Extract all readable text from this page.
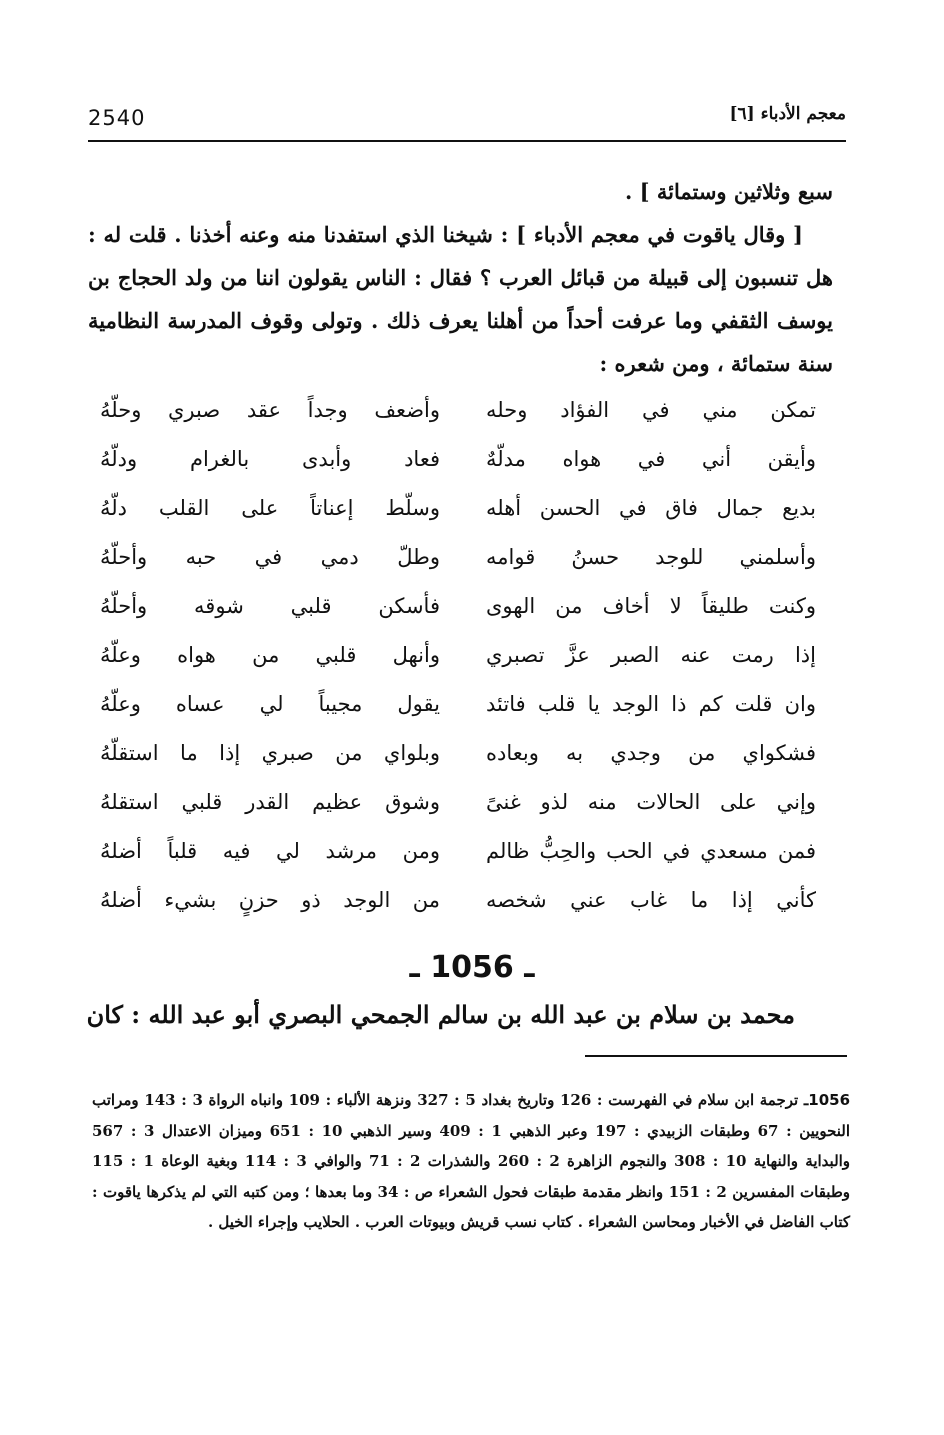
2540	معجم الأدباء [٦]

سبع وثلاثين وستمائة ] .

[ وقال ياقوت في معجم الأدباء ] : شيخنا الذي استفدنا منه وعنه أخذنا . قلت له : هل تنسبون إلى قبيلة من قبائل العرب ؟ فقال : الناس يقولون اننا من ولد الحجاج بن يوسف الثقفي وما عرفت أحداً من أهلنا يعرف ذلك . وتولى وقوف المدرسة النظامية سنة ستمائة ، ومن شعره :

تمكن مني في الفؤاد وحله
وأضعف وجداً عقد صبري وحلّهُ
وأيقن أني في هواه مدلّهٌ
فعاد وأبدى بالغرام ودلّهُ
بديع جمال فاق في الحسن أهله
وسلّط إعناتاً على القلب دلّهُ
وأسلمني للوجد حسنُ قوامه
وطلّ دمي في حبه وأحلّهُ
وكنت طليقاً لا أخاف من الهوى
فأسكن قلبي شوقه وأحلّهُ
إذا رمت عنه الصبر عزَّ تصبري
وأنهل قلبي من هواه وعلّهُ
وان قلت كم ذا الوجد يا قلب فاتئد
يقول مجيباً لي عساه وعلّهُ
فشكواي من وجدي به وبعاده
وبلواي من صبري إذا ما استقلّهُ
وإني على الحالات منه لذو غنىً
وشوق عظيم القدر قلبي استقلهُ
فمن مسعدي في الحب والحِبُّ ظالم
ومن مرشد لي فيه قلباً أضلهُ
كأني إذا ما غاب عني شخصه
من الوجد ذو حزنٍ بشيء أضلهُ
ـ 1056 ـ
محمد بن سلام بن عبد الله بن سالم الجمحي البصري أبو عبد الله : كان

1056ـ ترجمة ابن سلام في الفهرست : 126 وتاريخ بغداد 5 : 327 ونزهة الألباء : 109 وانباه الرواة 3 : 143 ومراتب النحويين : 67 وطبقات الزبيدي : 197 وعبر الذهبي 1 : 409 وسير الذهبي 10 : 651 وميزان الاعتدال 3 : 567 والبداية والنهاية 10 : 308 والنجوم الزاهرة 2 : 260 والشذرات 2 : 71 والوافي 3 : 114 وبغية الوعاة 1 : 115 وطبقات المفسرين 2 : 151 وانظر مقدمة طبقات فحول الشعراء ص : 34 وما بعدها ؛ ومن كتبه التي لم يذكرها ياقوت : كتاب الفاضل في الأخبار ومحاسن الشعراء . كتاب نسب قريش وبيوتات العرب . الحلايب وإجراء الخيل .
